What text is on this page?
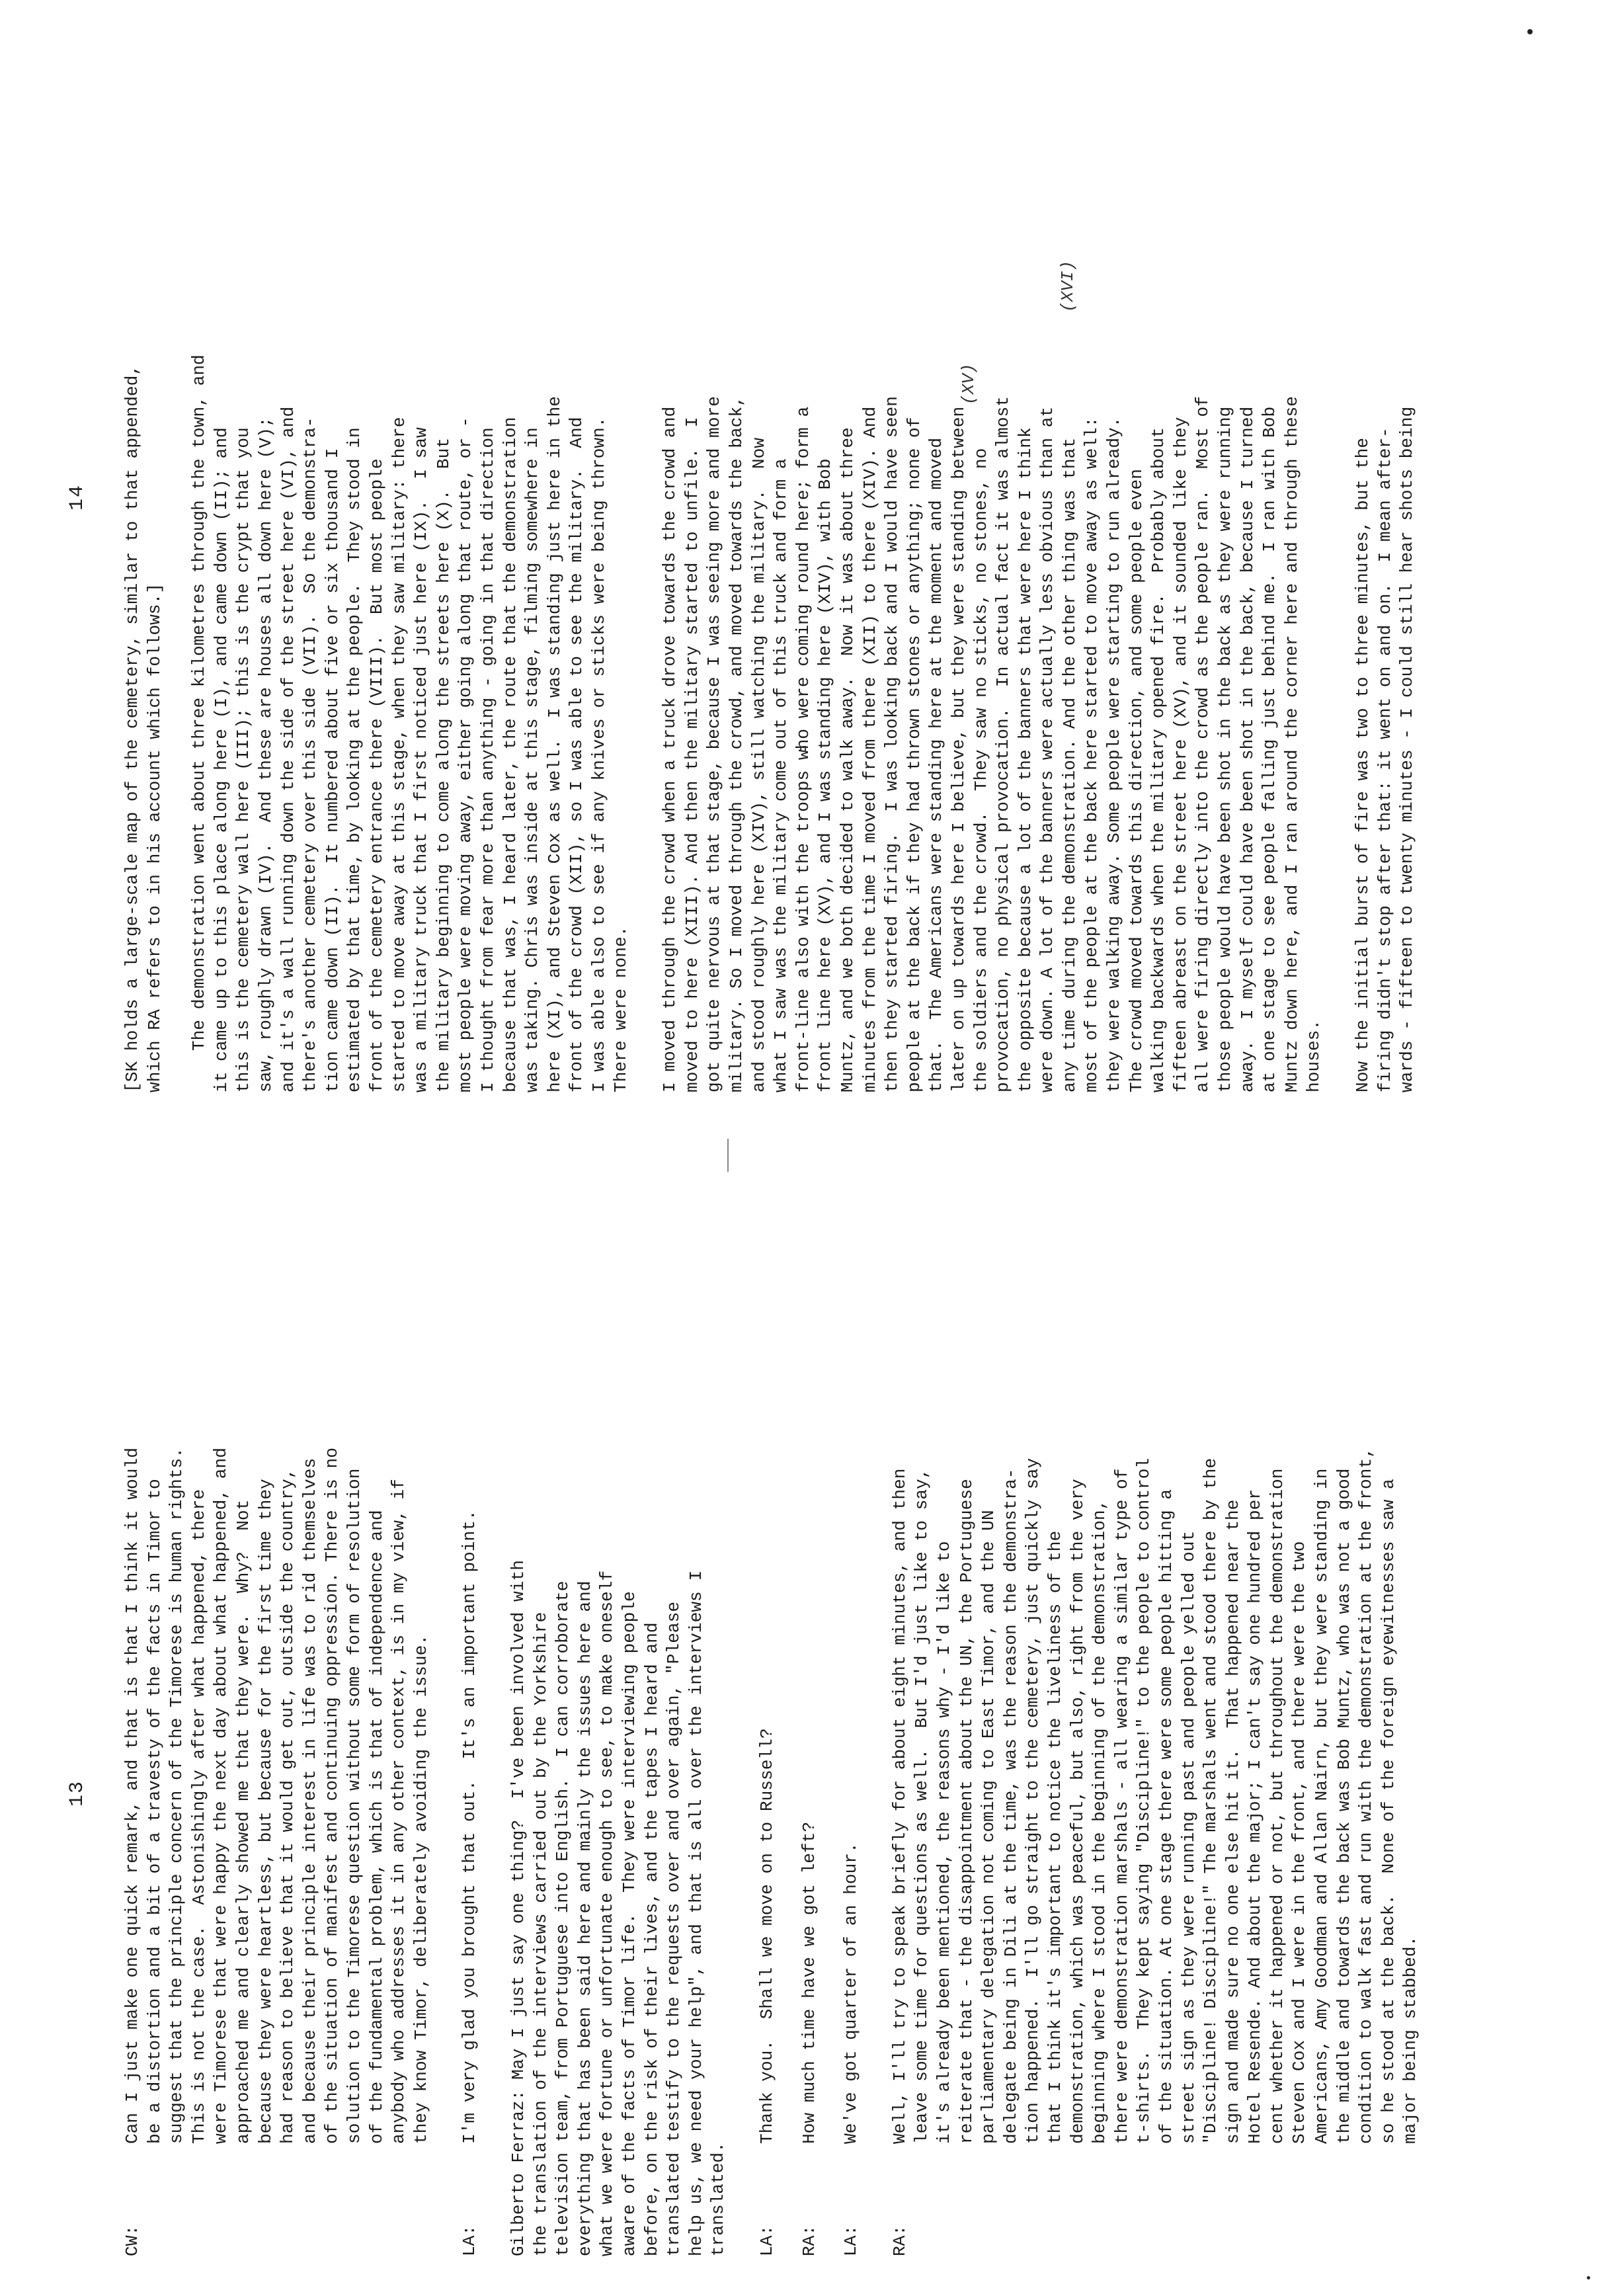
13
CW:
Can I just make one quick remark, and that is that I think it would be a distortion and a bit of a travesty of the facts in Timor to suggest that the principle concern of the Timorese is human rights. This is not the case.  Astonishingly after what happened, there were Timorese that were happy the next day about what happened, and approached me and clearly showed me that they were.  Why?  Not because they were heartless, but because for the first time they had reason to believe that it would get out, outside the country, and because their principle interest in life was to rid themselves of the situation of manifest and continuing oppression. There is no solution to the Timorese question without some form of resolution of the fundamental problem, which is that of independence and anybody who addresses it in any other context, is in my view, if they know Timor, deliberately avoiding the issue.
LA:
I'm very glad you brought that out.  It's an important point. Gilberto Ferraz: May I just say one thing?  I've been involved with the translation of the interviews carried out by the Yorkshire television team, from Portuguese into English.  I can corroborate everything that has been said here and mainly the issues here and what we were fortune or unfortunate enough to see, to make oneself aware of the facts of Timor life.  They were interviewing people before, on the risk of their lives, and the tapes I heard and translated testify to the requests over and over again, "Please help us, we need your help", and that is all over the interviews I translated. LA:
Thank you.  Shall we move on to Russell?
RA:
How much time have we got left?
LA:
We've got quarter of an hour.
RA:
Well, I'll try to speak briefly for about eight minutes, and then leave some time for questions as well.  But I'd just like to say, it's already been mentioned, the reasons why - I'd like to reiterate that - the disappointment about the UN, the Portuguese parliamentary delegation not coming to East Timor, and the UN delegate being in Dili at the time, was the reason the demonstra- tion happened.  I'll go straight to the cemetery, just quickly say that I think it's important to notice the liveliness of the demonstration, which was peaceful, but also, right from the very beginning where I stood in the beginning of the demonstration, there were demonstration marshals - all wearing a similar type of t-shirts.  They kept saying "Discipline!" to the people to control of the situation. At one stage there were some people hitting a street sign as they were running past and people yelled out "Discipline! Discipline!" The marshals went and stood there by the sign and made sure no one else hit it.  That happened near the Hotel Resende. And about the major; I can't say one hundred per cent whether it happened or not, but throughout the demonstration Steven Cox and I were in the front, and there were the two Americans, Amy Goodman and Allan Nairn, but they were standing in the middle and towards the back was Bob Muntz, who was not a good condition to walk fast and run with the demonstration at the front, so he stood at the back.  None of the foreign eyewitnesses saw a major being stabbed.
14 [SK holds a large-scale map of the cemetery, similar to that appended, which RA refers to in his account which follows.] The demonstration went about three kilometres through the town, and it came up to this place along here (I), and came down (II); and this is the cemetery wall here (III); this is the crypt that you saw, roughly drawn (IV).  And these are houses all down here (V); and it's a wall running down the side of the street here (VI), and there's another cemetery over this side (VII).  So the demonstra- tion came down (II).  It numbered about five or six thousand I estimated by that time, by looking at the people.  They stood in front of the cemetery entrance there (VIII).  But most people started to move away at this stage, when they saw military: there was a military truck that I first noticed just here (IX).  I saw the military beginning to come along the streets here (X).  But most people were moving away, either going along that route, or - I thought from fear more than anything - going in that direction because that was, I heard later, the route that the demonstration was taking. Chris was inside at this stage, filming somewhere in here (XI), and Steven Cox as well.  I was standing just here in the front of the crowd (XII), so I was able to see the military.  And I was able also to see if any knives or sticks were being thrown. There were none. I moved through the crowd when a truck drove towards the crowd and moved to here (XIII). And then the military started to unfile.  I got quite nervous at that stage, because I was seeing more and more military. So I moved through the crowd, and moved towards the back, and stood roughly here (XIV), still watching the military.  Now what I saw was the military come out of this truck and form a front-line also with the troops who were coming round here; form a front line here (XV), and I was standing here (XIV), with Bob Muntz, and we both decided to walk away.  Now it was about three minutes from the time I moved from there (XII) to there (XIV). And then they started firing.  I was looking back and I would have seen people at the back if they had thrown stones or anything; none of that.  The Americans were standing here at the moment and moved later on up towards here I believe, but they were standing between the soldiers and the crowd.  They saw no sticks, no stones, no provocation, no physical provocation.  In actual fact it was almost the opposite because a lot of the banners that were here I think were down. A lot of the banners were actually less obvious than at any time during the demonstration. And the other thing was that most of the people at the back here started to move away as well: they were walking away. Some people were starting to run already. The crowd moved towards this direction, and some people even walking backwards when the military opened fire.  Probably about fifteen abreast on the street here (XV), and it sounded like they all were firing directly into the crowd as the people ran.  Most of those people would have been shot in the back as they were running away.  I myself could have been shot in the back, because I turned at one stage to see people falling just behind me.  I ran with Bob Muntz down here, and I ran around the corner here and through these houses. Now the initial burst of fire was two to three minutes, but the firing didn't stop after that: it went on and on.  I mean after- wards - fifteen to twenty minutes - I could still hear shots being
(XV)
(XVI)
